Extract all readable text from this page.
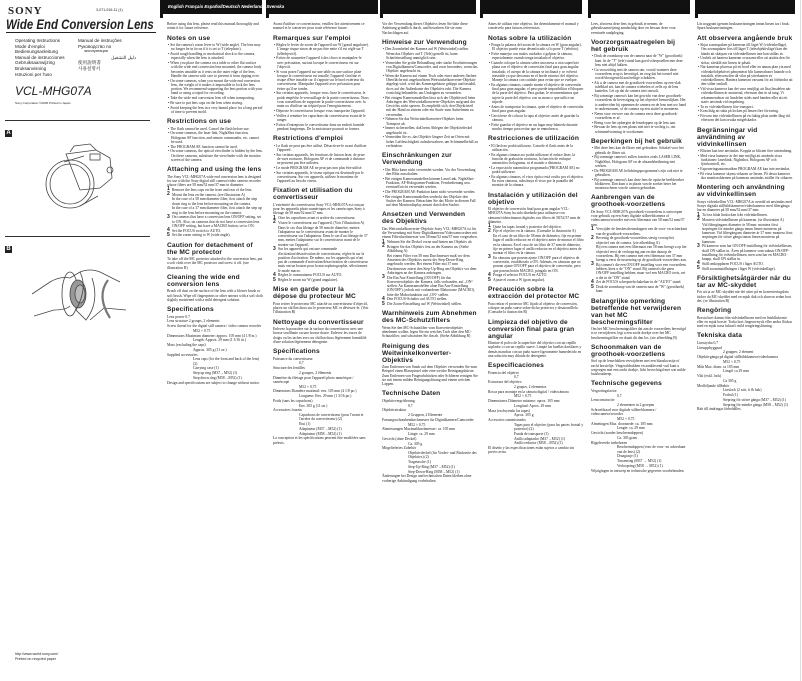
SONY	3-071-916-11 (1)
Wide End Conversion Lens
Operating Instructions
Mode d'emploi
Bedienungsanleitung
Manual de instrucciones
Gebruiksaanwijzing
Bruksanvisning
Istruzioni per l'uso
Manual de instruções
Руководство по
эксплуатации
دليل التشغيل
使用說明書
사용설명서
VCL-MHG07A
Sony Corporation ©2005 Printed in Japan
A
B
http://www.world.sony.com/
Printed on recycled paper
English Français Español/Deutsch Nederlands Svenska

Before using this lens, please read this manual thoroughly and retain it for future reference.

Notes on use

• Set the camera's zoom lever to W (wide angle). The lens may no longer be in focus if it is set to T (telephoto).

• Avoid rough handling or mechanical shock to the camera, especially when the lens is attached.

• When you place the camera on a table or other flat surface with the wide end conversion lens mounted, the camera body becomes unstable as it rests on the outer edge of the lens. Handle the camera with care to prevent it from tipping over.

• On some cameras, when you mount the wide end conversion lens, the weight of it makes it impossible to lock the lens portion. We recommend supporting the lens portion with your hand or using a tripod for recording.

• Take the wide end conversion lens off when transporting.

• Be sure to put lens caps on the lens when storing.

• Avoid keeping the lens in a very humid place for a long period of time to prevent mold.

Restrictions on use

• The flash cannot be used. Cancel the flash before use.

• On some cameras, the laser link, NightShot function, Hologram AF function, and remote commander, etc. cannot be used.

• The PROGRAM AE function cannot be used.

• On some cameras, the optical viewfinder is hidden by the lens. On these cameras, substitute the viewfinder with the monitor screen of the camera.

Attaching and using the lens

The Sony VCL-MHG07A wide end conversion lens is designed for use with the Sony digital still camera/video camera recorder whose filters are 58 mm/52 mm/37 mm in diameter.

1 Remove the lens caps on the front and rear of the lens.

2 Mount the lens on the camera. (see illustration A)

In the case of a 58 mm diameter filter, first attach the step down ring to the lens before mounting on the camera.

In the case of a 37 mm diameter filter, first attach the step up ring to the lens before mounting on the camera.

3 On cameras that have a conversion lens ON/OFF setting, set to ON. Also, on cameras that do not have a conversion lens ON/OFF setting, but have a MACRO button, set to ON.

4 Set the FOCUS switch to AUTO.

5 Set the zoom setting to W (wide angle).

Caution for detachment of the MC protector

To take off the MC protector attached to the conversion lens, put a soft cloth over the MC protector and screw it off. (see illustration B)

Cleaning the wide end conversion lens

Brush off dust on the surface of the lens with a blower brush or soft brush. Wipe off fingerprints or other smears with a soft cloth slightly moistened with a mild detergent solution.

Specifications

Lens power 0.7

Lens structure 2 groups, 2 elements

Screw thread for the digital still camera / video camera recorder

M52 × 0.75

Dimensions Maximum diameter: approx. 105 mm (4 1/8 in.)

Length: Approx. 29 mm (1 3/16 in.)

Mass (excluding the caps)

Approx. 305 g (11 oz.)

Supplied accessories

Lens caps (for the front and back of the lens) (2)

Carrying case (1)

Step up ring (M37→M52) (1)

Step down ring (M58→M52) (1)

Design and specifications are subject to change without notice.

Avant d'utiliser ce convertisseur, veuillez lire attentivement ce manuel et le conserver pour toute référence future.

Remarques sur l'emploi

• Réglez le levier de zoom de l'appareil sur W (grand angulaire). L'image risque sinon de ne pas être nette s'il est réglé sur T (téléobjectif).

• Evitez de soumettre l'appareil à des chocs et manipulez-le avec précaution, surtout lorsque le convertisseur est sur l'objectif.

• Si vous posez l'appareil sur une table ou une surface plate lorsque le convertisseur est installé, l'appareil s'incline et risque d'être instable car il s'appuie sur le bord extérieur du convertisseur. Manipulez l'appareil avec précaution pour éviter qu'il ne tombe.

• Sur certains appareils, lorsque vous fixez le convertisseur, le poids empêche le verrouillage de la partie convertisseur. Nous vous conseillons de supporter la partie convertisseur avec la main ou d'utiliser un trépied pour l'enregistrement.

• Déposez le convertisseur lorsque vous transportez l'appareil.

• Veillez à remettre les capuchons du convertisseur avant de le ranger.

• Evitez d'entreposer le convertisseur dans un endroit humide pendant longtemps. De la moisissure pourrait se former.

Restrictions d'emploi

• Le flash ne peut pas être utilisé. Désactivez-le avant d'utiliser l'appareil.

• Sur certains appareils, les fonctions de liaison laser, de prise de vues nocturne, Hologram AF et de commande à distance ne peuvent pas être utilisées.

• Le mode PROGRAM AE ne peut pas non plus être utilisé.

• Sur certains appareils, le viseur optique est dissimulé par le convertisseur. Sur ces appareils, utilisez le moniteur de l'appareil au lieu du viseur.

Fixation et utilisation du convertisseur

L'extrémité du convertisseur Sony VCL-MHG07A est conçue pour les appareils photo numériques et les caméscopes Sony à filetage de 58 mm/52 mm/37 mm.

1 Otez les capuchons avant et arrière du convertisseur.

2 Vissez le convertisseur sur l'appareil. (Voir l'illustration A)

Dans le cas d'un filetage de 58 mm de diamètre, mettez l'adaptateur sur le convertisseur avant de monter le convertisseur sur l'adaptateur. Dans le cas d'un filetage de 37 mm, mettez l'adaptateur sur le convertisseur avant de le monter sur l'appareil.

3 Sur les appareils qui ont une commande d'activation/désactivation de convertisseur, réglez-la sur la position d'activation. De même, sur les appareils qui n'ont pas de commande d'activation/désactivation de convertisseur mais ont un bouton pour la macrophotographie, sélectionnez le mode macro.

4 Réglez le commutateur FOCUS sur AUTO.

5 Réglez le zoom sur W (grand angulaire).

Mise en garde pour la dépose du protecteur MC

Pour retirer le protecteur MC attaché au convertisseur d'objectif, placez un chiffon doux sur le protecteur MC et dévissez-le. (Voir l'illustration B)

Nettoyage du convertisseur

Enlevez la poussière sur la surface du convertisseur avec une brosse soufflante ou une brosse douce. Enlevez les traces de doigts ou les taches avec un chiffon doux légèrement humidifié d'une solution légèrement détergente.

Spécifications

Puissance du convertisseur

0,7

Structure des lentilles

2 groupes, 2 éléments

Diamètre du filetage pour l'appareil photo numérique / caméscope

M52 × 0,75

Dimensions Diamètre maximal: env. 105 mm (4 1/8 po.)

Longueur: Env. 29 mm (1 3/16 po.)

Poids (sans les capuchons)

Env. 305 g (11 on.)

Accessoires fournis

Capuchons de convertisseur (pour l'avant et l'arrière du convertisseur) (2)

Etui (1)

Adaptateur (M37→M52) (1)

Adaptateur (M58→M52) (1)

La conception et les spécifications peuvent être modifiées sans préavis.

Vor der Verwendung dieses Objektivs lesen Sie bitte diese Anleitung gründlich durch, und bewahren Sie sie zum Nachschlagen auf.

Hinweise zur Verwendung

• Den Zoomhebel der Kamera auf W (Weitwinkel) stellen. Wenn das Objektiv auf T (Tele) gestellt ist, kann Scharfeinstellung unmöglich sein.

• Vermeiden Sie grobe Behandlung oder starke Erschütterungen von Digitalkamera/Camcorder, und zwar besonders, wenn das Objektiv angebracht ist.

• Wenn die Kamera auf einem Tisch oder einer anderen flachen Oberfläche mit angebrachtem Weitwinkelkonverter-Objektiv abgelegt wird, wird das Kameragehäuse gekippt und instabil, da es auf der Außenkante des Objektivs ruht. Die Kamera vorsichtig behandeln, um Umkippen zu vermeiden.

• Bei einigen Kameramodellen lässt sich der Objektivteil beim Anbringen des Weitwinkelkonverter-Objektivs aufgrund des Gewichts nicht sperren. Es empfiehlt sich, den Objektivteil mit der Hand zu stützen oder ein Stativ zum Aufnehmen zu verwenden.

• Nehmen Sie das Weitwinkelkonverter-Objektiv beim Transport ab.

• Immer sicherstellen, daß beim Ablegen der Objektivdeckel angebracht ist.

• Vermeiden Sie es, das Objektiv längere Zeit an Orten mit hoher Luftfeuchtigkeit aufzubewahren, um Schimmelbefall zu verhindern.

Einschränkungen zur Verwendung

• Der Blitz kann nicht verwendet werden. Vor der Verwendung den Blitz ausschalten.

• Bei einigen Kameramodellen können LaserLink, NightShot-Funktion, AF-Hologramm-Funktion, Fernbedienung usw. eventuell nicht verwendet werden.

• Die PROGRAM AE-Funktion kann nicht verwendet werden.

• Bei einigen Kameramodellen verdeckt das Objektiv den Sucher der Kamera. Betrachten Sie das Motiv in diesem Fall auf dem Monitordisplay anstatt durch den Sucher.

Ansetzen und Verwenden des Objektivs

Das Weitwinkelkonverter-Objektiv Sony VCL-MHG07A ist für die Verwendung mit Sony-Digitalkameras/Videocamcordern mit einem Filterdurchmesser von 58 mm/52 mm/37 mm vorgesehen.

1 Nehmen Sie die Deckel vorne und hinten am Objektiv ab.

2 Bringen Sie das Objektiv fest an der Kamera an. (Siehe Abbildung A)

Bei einem Filter von 58 mm Durchmesser muß vor dem Ansetzen des Objektivs zuerst der Step-Down-Ring angebracht werden. Bei einem Filter mit 37 mm Durchmesser zuerst den Step-Up-Ring am Objektiv vor dem Anbringen an der Kamera anbringen.

3 Die Ein/Aus-Einstellung (ON/OFF) für das Konverterobjektiv der Kamera, falls vorhanden, auf „ON“ stellen. An Kameramodellen ohne Ein/Aus-Einstellung (ON/OFF), jedoch mit vorhandener Makrotaste (MACRO), bitte die Makrofunktion auf „ON“ stellen.

4 Den FOCUS-Schalter auf AUTO stellen.

5 Die Zoom-Einstellung auf W (Weitwinkel) stellen.

Warnhinweis zum Abnehmen des MC-Schutzfilters

Wenn Sie den MC-Schutzfilter vom Konverterobjektiv abnehmen wollen, legen Sie ein weiches Tuch über den MC-Schutzfilter, und schrauben Sie ihn ab. (Siehe Abbildung B)

Reinigung des Weitwinkelkonverter-Objektivs

Zum Entfernen von Staub auf dem Objektiv verwenden Sie zum Beispiel einen Blasepinsel oder eine weiche Reinigungsbürste. Zum Entfernen von Fingerabdrücken oder Schlieren reinigen Sie sie mit einem milden Reinigungslösung und einem weichen Lappen.

Technische Daten

Objektivvergrößerung

0,7

Objektivstruktur

2 Gruppen, 2 Elemente

Fassungsschraubendurchmesser für Digitalkamera/Camcorder

M52 × 0,75

Abmessungen Maximaldurchmesser: ca. 105 mm

Länge: ca. 29 mm

Gewicht (ohne Deckel)

Ca. 305 g

Mitgeliefertes Zubehör

Objektivdeckel (für Vorder- und Rückseite des Objektivs) (2)

Tragetasche (1)

Step-Up-Ring (M37→M52) (1)

Step-Down-Ring (M58→M52) (1)

Änderungen bei Design und technischen Daten bleiben ohne vorherige Ankündigung vorbehalten.

Antes de utilizar este objetivo, lea detenidamente el manual y consérvelo para futuras referencias.

Notas sobre la utilización

• Ponga la palanca del zoom de la cámara en W (gran angular). El objetivo puede estar desenfocado si lo pone T (telefoto).

• Evite manejar con malos cuidados o golpear la cámara, especialmente cuando tenga instalado el objetivo.

• Cuando coloque la cámara sobre una mesa u otra superficie plana con el objetivo de conversión final para gran angular instalado, el cuerpo de la cámara se inclinará y se volverá inestable ya que descansa en el borde exterior del objetivo. Maneje la cámara con cuidado para evitar que se vuelque.

• En algunas cámaras, cuando monte el objetivo de conversión final para gran angular, el peso puede imposibilitar el bloqueo de la parte del objetivo. Para grabar, le recomendamos que sujete la parte del objetivo con su mano o que utilice un trípode.

• Antes de transportar la cámara, quite el objetivo de conversión final para gran angular.

• Cerciórese de colocar la tapa al objetivo antes de guardar la cámara.

• Evite guardar el objetivo en un lugar muy húmedo durante mucho tiempo para evitar que se enmohezca.

Restricciones de utilización

• El flash no podrá utilizarse. Cancele el flash antes de la utilización.

• En algunas cámaras no podrá utilizarse el enlace láser, la función de grabación nocturna, la función de enfoque automático holograma, ni el mando a distancia.

• La exposición automática programada (PROGRAM AE) no podrá utilizarse.

• En algunas cámaras, el visor óptico está oculto por el objetivo. En estas cámaras, substituya el visor por la pantalla del monitor de la cámara.

Instalación y utilización del objetivo

El objetivo de conversión final para gran angular VCL-MHG07A Sony ha sido diseñado para utilizarse con cámaras/videocámaras digitales con filtros de 58/52/37 mm de diámetro.

1 Quite las tapas frontal y posterior del objetivo.

2 Fije el objetivo en la cámara. (Consulte la ilustración A)

En el caso de un filtro de 58 mm de diámetro, fije en primer lugar el anillo reductor en el objetivo antes de montar el filtro en la cámara. En el caso de un filtro de 37 mm de diámetro, fije en primer lugar el anillo reductor en el objetivo antes de montar el filtro en la cámara.

3 En cámaras que posean ajuste ON/OFF para el objetivo de conversión, establézcalo a ON. Además, en cámaras que no posean ajuste ON/OFF para el objetivo de conversión, pero que posean botón MACRO, póngalo en ON.

4 Ponga el selector FOCUS en AUTO.

5 Ajuste el zoom a W (gran angular).

Precaución sobre la extracción del protector MC

Para retirar el protector MC fijado al objetivo de conversión, coloque un paño suave sobre dicho protector y desatorníllelo. (Consulte la ilustración B)

Limpieza del objetivo de conversión final para gran angular

Elimine el polvo de la superficie del objetivo con un cepillo soplador o con un cepillo suave. Limpie las huellas dactilares y demás manchas con un paño suave ligeramente humedecido en una solución muy diluida de detergente.

Especificaciones

Potencia del objetivo

0,7

Estructura del objetivo

2 grupos, 2 elementos

Rosca para montaje en la cámara digital / videocámara

M52 × 0,75

Dimensiones Diámetro máximo: aprox. 105 mm

Longitud: Aprox. 29 mm

Masa (excluyendo las tapas)

Aprox. 305 g

Accesorios suministrados

Tapas para el objetivo (para las partes frontal y posterior) (2)

Funda de transporte (1)

Anillo adaptador (M37→M52) (1)

Anillo reductor (M58→M52) (1)

El diseño y las especificaciones están sujetos a cambio sin previo aviso.

Lees, alvorens deze lens in gebruik te nemen, de gebruiksaanwijzing aandachtig door en bewaar deze voor eventuele raadpleging.

Voorzorgsmaatregelen bij het gebruik

• Druk de zoomknop van de camera naar de "W" (groothoek) kant. In de "T" (tele) stand kan goed scherpstellen met deze lens niet altijd lukken.

• Ga voorzichtig met de camera om, vooral wanneer deze voorzetlens erop is bevestigd, en zorg dat het toestel niet wordt blootgesteld aan heftige schokken.

• Als u de camera met de groothoek-voorzetlens op een vlak tafelblad zet, kan de camera wiebelen of zelfs op de lens kantelen. Let op dat de camera niet omvalt.

• Bij sommige camera's kan het gewicht van deze groothoek-voorzetlens de bevestiging op het objectief bemoeilijken. Het is aanbevolen bij opnemen de camera en de lens met uw hand te ondersteunen, of de camera op een statief te monteren.

• Neem voor vervoer van de camera eerst deze groothoek-voorzetlens er af.

• Breng voor het opbergen de lensdoppen op de lens aan.

• Bewaar de lens op een plaats niet niet te vochtig is, om schimmelvorming te voorkomen.

Beperkingen bij het gebruik

• Met deze lens kan de flitser niet gebruiken. Schakel voor het gebruik de flitser uit.

• Bij sommige camera's zullen functies zoals LASER LINK, NightShot, Hologram AF en de afstandsbediening niet werken.

• De PROGRAM AE belichtingsprogramma's zijn ook niet te gebruiken.

• Bij sommige camera's kan deze lens de optische beeldzoeker blokkeren. Dan kunt u in plaats van de zoeker beter het monitorscherm van de camera gebruiken.

Aanbrengen van de groothoek-voorzetlens

De Sony VCL-MHG07A groothoek-voorzetlens is ontworpen voor gebruik op een Sony digitale stilbeeldcamera of videocamera/recorder met een filtermaat van 58 mm/52 mm/37 mm.

1 Verwijder de lensbeschermdoppen van de voor- en achterkant van de groothoek-voorzetlens.

2 Bevestig de groothoek-voorzetlens stevig voorop het objectief van de camera. (zie afbeelding A)

Bij een camera met een filtermaat van 58 mm brengt u op het objectief eerst de verloopring aan en dan daarop de voorzetlens. Bij een camera met een filtermaat van 37 mm brengt u eerst de tussenring op de groothoek-voorzetlens aan.

3 Bij camera's die een ON/OFF instelling voor een voorzetlens hebben, kiest u de "ON" stand. Bij camera's die geen ON/OFF instelling hebben, maar wel een MACRO toets, zet u die in de "ON" stand.

4 Zet de FOCUS scherpstelschakelaar in de "AUTO" stand.

5 Druk de zoomknop van de camera naar de "W" (groothoek) kant.

Belangrijke opmerking betreffende het verwijderen van het MC beschermingsfilter

Om het MC beschermingsfilter dat aan de voorzetlens bevestigd is te verwijderen, legt u een zacht doekje over het MC beschermingsfilter en draait dit dan los. (zie afbeelding B)

Schoonmaken van de groothoek-voorzetlens

Stof op de lensvlakken verwijderen met een blaaskwastje of zacht borsteltje. Vingerafdrukken en aanklevend vuil kunt u wegvegen met een zacht doekje, licht bevochtigd met wat milde huishoudzeep.

Technische gegevens

Vergrotingsfactor

0,7

Lensconstructie

2 elementen in 2 groepen

Schroefdraad voor digitale stilbeeldcamera / videocamera/recorder

M52 × 0,75

Afmetingen Max. doorsnede: ca. 105 mm

Lengte: ca. 29 mm

Gewicht (zonder beschermdoppen)

Ca. 305 gram

Bijgeleverde toebehoren

Beschermdoppen (voor de voor- en achterkant van de lens) (2)

Draagtasje (1)

Tussenring (M37 → M52) (1)

Verloopring (M58 → M52) (1)

Wijzigingen in ontwerp en technische gegevens voorbehouden.

Läs noggrant igenom bruksanvisningen innan linsen tas i bruk. Spara bruksanvisningen.

Att observera angående bruk

• Skjut zoomspaken på kameran till läget W (vidvinkelläge). Om zoomspaken förs till läget T (teleobjektivläge) kan det hända att skärpan via vidvinkellinsen inte kan ställas in.

• Undvik att hantera kameran ovarsamt eller att utsätta den för stötar, särskilt när linsen är påsatt.

• När kameran placeras på ett bord eller en annan plan yta med vidvinkelobjektivet påmonterat blir kamerahuset lutande och instabilt, eftersom den då vilar på ytterkanten av vidvinkellinsen. Hantera kameran varsamt för att förhindra att den välter omkull.

• Vid vissa kameror kan det vara omöjligt att låsa linsdelen när vidvinkellinsen är monterad, eftersom den är så tung. Vi rekommenderar att linsdelen stöds med handen eller att ett stativ används vid inspelning.

• Ta av vidvinkellinsen före transport.

• Kom ihåg att sätta på locken på linsen före förvaring.

• Förvara inte vidvinkellinsen på en fuktig plats under lång tid, eftersom det kan orsaka mögelskador.

Begränsningar vid användning av vidvinkellinsen

• Blixten kan inte användas. Koppla ur blixten före användning.

• Med vissa kameror är det inte möjligt att använda vissa funktioner: laserlänk, Nightshot, Hologram AF och fjärrkontroll, etc.

• Exponeringsautomatiken PROGRAM AE kan inte användas.

• På vissa kameror skyms sökaren av linsen. På dessa kameror ska monitorskärmen på kameran användas istället för sökaren.

Montering och användning av vidvinkellinsen

Sonys vidvinkellins VCL-MHG07A är avsedd att användas med Sonys digitala stillbildskameror/videokameror med filtergänga har en diameter på 58 mm/52 mm/37 mm.

1 Ta loss båda linslocken från vidvinkellinsen.

2 Montera vidvinkellinsen på kameran. (se illustration A)

Vid filtergängans diameter är 58 mm: montera först stepringen för mindre gänga innan linsen monteras på kameran. Vid filtergängans diameter är 37 mm: montera först stepringen för större gänga innan linsen monteras på kameran.

3 På kameror som har ON/OFF-inställning för vidvinkellinsen, skall ON ställas in. Även på kameror som saknar ON/OFF-inställning för vidvinkellinsen, men som har en MACRO-knapp, skall ON ställas in.

4 Ställ omkopplaren FOCUS i läget AUTO.

5 Ställ zoominställningen i läget W (vidvinkelläge).

Försiktighetsåtgärder när du tar av MC-skyddet

För att ta av MC-skyddet när det sitter på en konverteringslins täcker du MC-skyddet med en mjuk duk och skruvar sedan bort det. (se illustration B)

Rengöring

Borsta bort damm från vidvinkellinsen med en linsblåsborste eller en mjuk borste. Torka bort fingeravtryck eller andra fläckar med en mjuk trasa fuktad i mild rengöringslösning.

Tekniska data

Linsstyrka 0,7

Linsuppbyggnad

2 grupper, 2 element

Objektivgänga på digital stillbildskamera/videokamera

M52 × 0,75

Mått Max. diam: ca 105 mm

Längd: ca 29 mm

Vikt (exkl. lock)

Ca 305 g

Medföljande tillbehör

Linslock (2 satt, fr & bak)

Fodral (1)

Stepring för större gänga (M37→M52) (1)

Stepring för mindre gänga (M58→M52) (1)

Rätt till ändringar förbehålles.
